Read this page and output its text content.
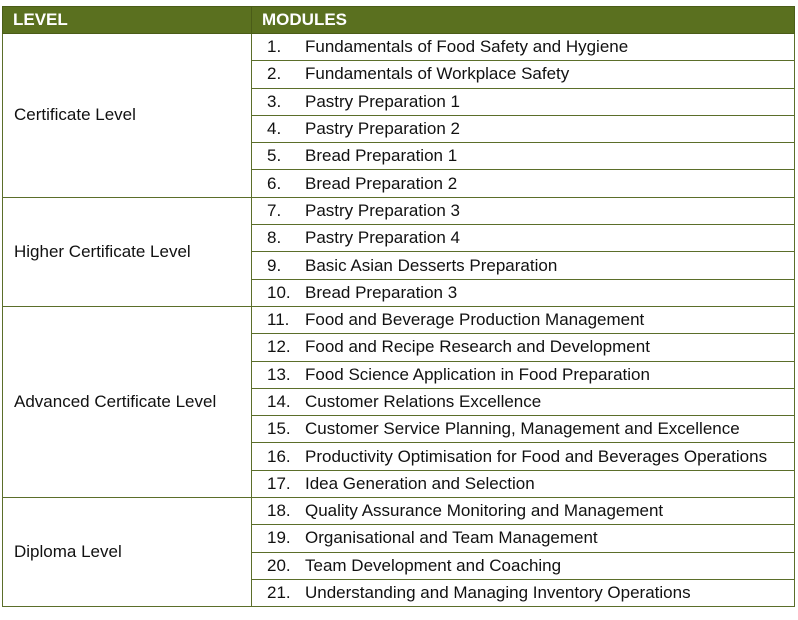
LEVEL	MODULES
Certificate Level	1. Fundamentals of Food Safety and Hygiene
	2. Fundamentals of Workplace Safety
	3. Pastry Preparation 1
	4. Pastry Preparation 2
	5. Bread Preparation 1
	6. Bread Preparation 2
Higher Certificate Level	7. Pastry Preparation 3
	8. Pastry Preparation 4
	9. Basic Asian Desserts Preparation
	10. Bread Preparation 3
Advanced Certificate Level	11. Food and Beverage Production Management
	12. Food and Recipe Research and Development
	13. Food Science Application in Food Preparation
	14. Customer Relations Excellence
	15. Customer Service Planning, Management and Excellence
	16. Productivity Optimisation for Food and Beverages Operations
	17. Idea Generation and Selection
Diploma Level	18. Quality Assurance Monitoring and Management
	19. Organisational and Team Management
	20. Team Development and Coaching
	21. Understanding and Managing Inventory Operations
